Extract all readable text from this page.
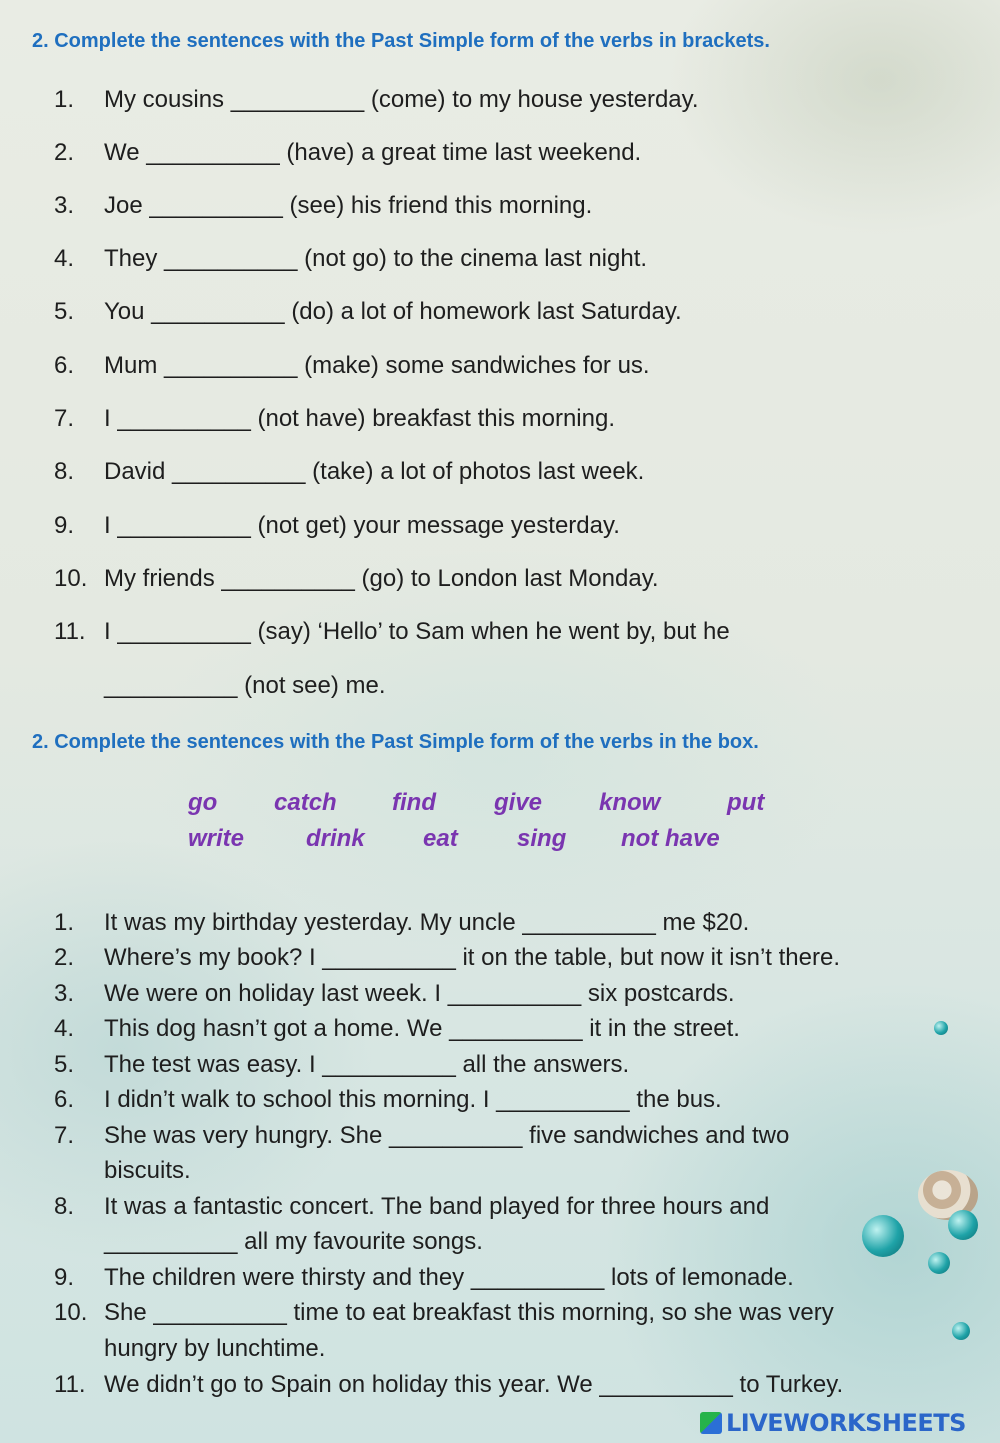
2. Complete the sentences with the Past Simple form of the verbs in brackets.
1. My cousins __________ (come) to my house yesterday.
2. We __________ (have) a great time last weekend.
3. Joe __________ (see) his friend this morning.
4. They __________ (not go) to the cinema last night.
5. You __________ (do) a lot of homework last Saturday.
6. Mum __________ (make) some sandwiches for us.
7. I __________ (not have) breakfast this morning.
8. David __________ (take) a lot of photos last week.
9. I __________ (not get) your message yesterday.
10. My friends __________ (go) to London last Monday.
11. I __________ (say) ‘Hello’ to Sam when he went by, but he
__________ (not see) me.
2. Complete the sentences with the Past Simple form of the verbs in the box.
go catch find give know	put
write	drink eat sing not have
1. It was my birthday yesterday. My uncle __________ me $20.
2. Where’s my book? I __________ it on the table, but now it isn’t there.
3. We were on holiday last week. I __________ six postcards.
4. This dog hasn’t got a home. We __________ it in the street.
5. The test was easy. I __________ all the answers.
6. I didn’t walk to school this morning. I __________ the bus.
7. She was very hungry. She __________ five sandwiches and two
biscuits.
8. It was a fantastic concert. The band played for three hours and
__________ all my favourite songs.
9. The children were thirsty and they __________ lots of lemonade.
10. She __________ time to eat breakfast this morning, so she was very
hungry by lunchtime.
11. We didn’t go to Spain on holiday this year. We __________ to Turkey.
LIVEWORKSHEETS
